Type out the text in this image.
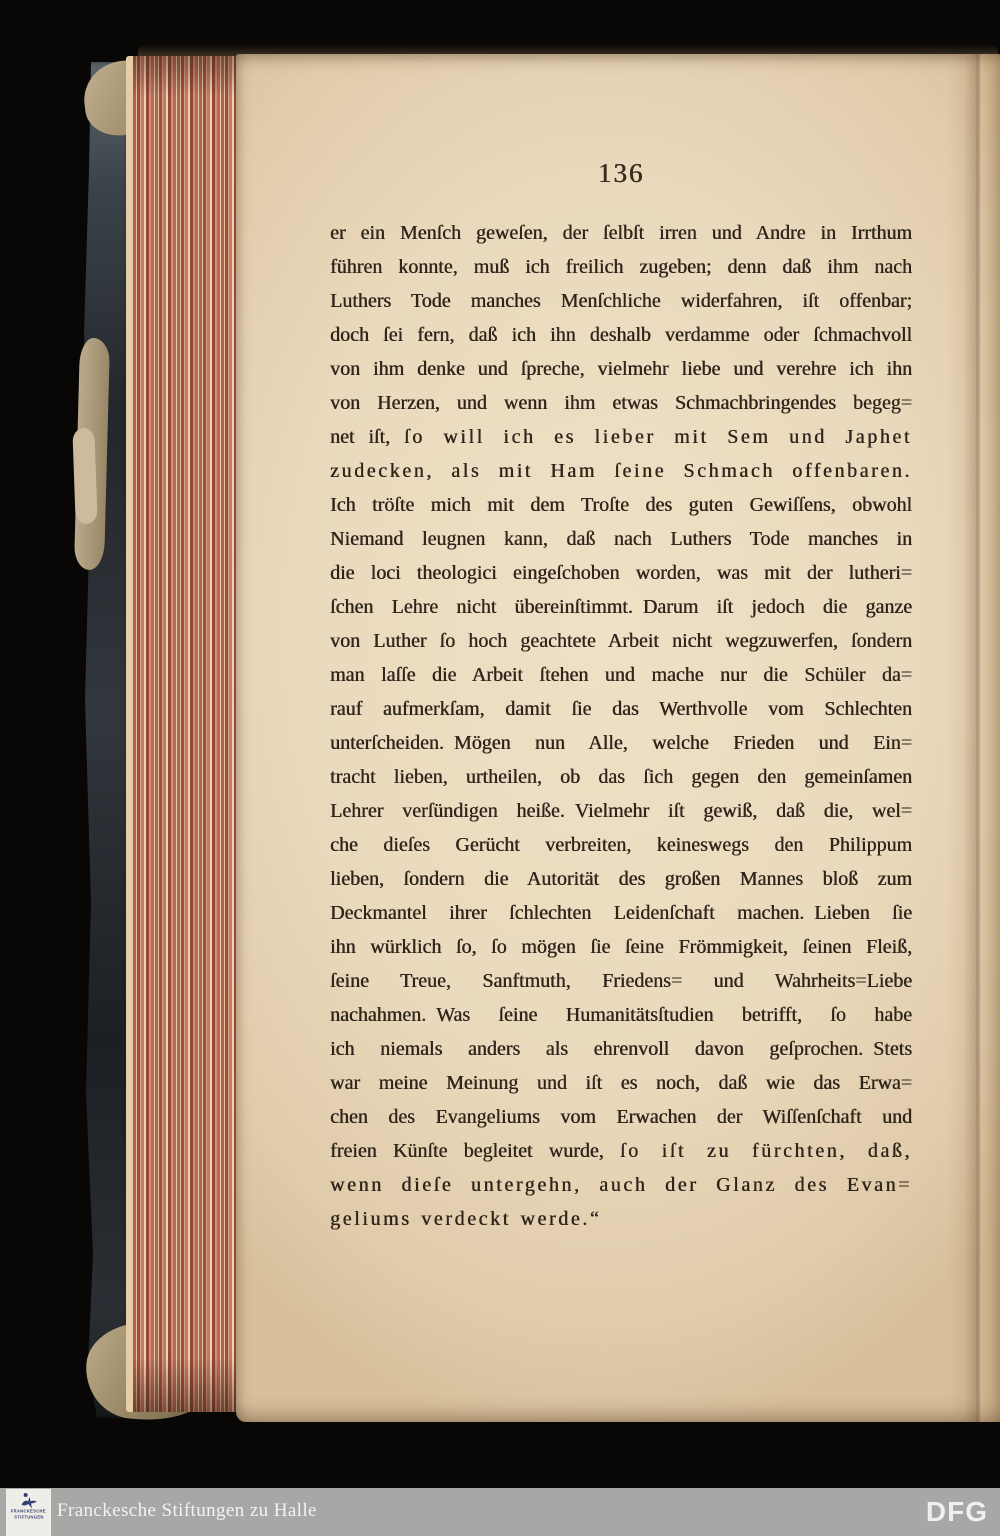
136
er ein Menſch geweſen, der ſelbſt irren und Andre in Irrthum
führen konnte, muß ich freilich zugeben; denn daß ihm nach
Luthers Tode manches Menſchliche widerfahren, iſt offenbar;
doch ſei fern, daß ich ihn deshalb verdamme oder ſchmachvoll
von ihm denke und ſpreche, vielmehr liebe und verehre ich ihn
von Herzen, und wenn ihm etwas Schmachbringendes begeg=
net iſt, ſo will ich es lieber mit Sem und Japhet
zudecken, als mit Ham ſeine Schmach offenbaren.
Ich tröſte mich mit dem Troſte des guten Gewiſſens, obwohl
Niemand leugnen kann, daß nach Luthers Tode manches in
die loci theologici eingeſchoben worden, was mit der lutheri=
ſchen Lehre nicht übereinſtimmt. Darum iſt jedoch die ganze
von Luther ſo hoch geachtete Arbeit nicht wegzuwerfen, ſondern
man laſſe die Arbeit ſtehen und mache nur die Schüler da=
rauf aufmerkſam, damit ſie das Werthvolle vom Schlechten
unterſcheiden. Mögen nun Alle, welche Frieden und Ein=
tracht lieben, urtheilen, ob das ſich gegen den gemeinſamen
Lehrer verſündigen heiße. Vielmehr iſt gewiß, daß die, wel=
che dieſes Gerücht verbreiten, keineswegs den Philippum
lieben, ſondern die Autorität des großen Mannes bloß zum
Deckmantel ihrer ſchlechten Leidenſchaft machen. Lieben ſie
ihn würklich ſo, ſo mögen ſie ſeine Frömmigkeit, ſeinen Fleiß,
ſeine Treue, Sanftmuth, Friedens= und Wahrheits=Liebe
nachahmen. Was ſeine Humanitätsſtudien betrifft, ſo habe
ich niemals anders als ehrenvoll davon geſprochen. Stets
war meine Meinung und iſt es noch, daß wie das Erwa=
chen des Evangeliums vom Erwachen der Wiſſenſchaft und
freien Künſte begleitet wurde, ſo iſt zu fürchten, daß,
wenn dieſe untergehn, auch der Glanz des Evan=
geliums verdeckt werde.“
FRANCKESCHE
STIFTUNGEN Franckesche Stiftungen zu Halle	DFG
